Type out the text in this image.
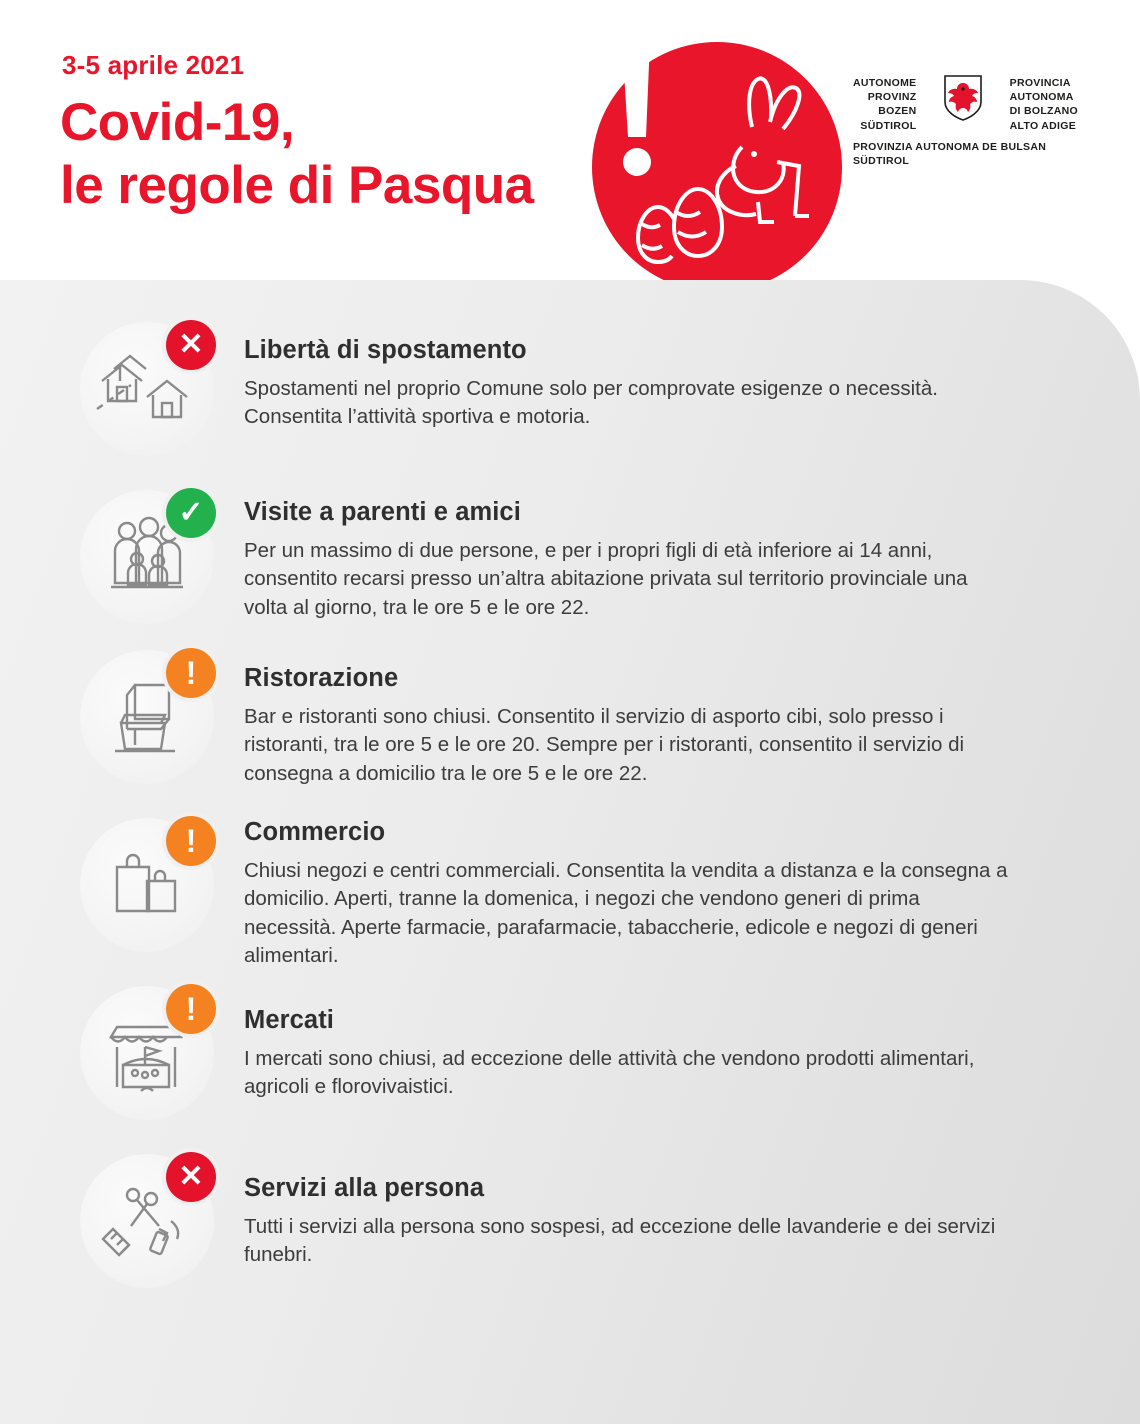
3-5 aprile 2021
Covid-19,
le regole di Pasqua
AUTONOME
PROVINZ
BOZEN
SÜDTIROL
PROVINCIA
AUTONOMA
DI BOLZANO
ALTO ADIGE
PROVINZIA AUTONOMA DE BULSAN
SÜDTIROL
✕ Libertà di spostamento
Spostamenti nel proprio Comune solo per comprovate esigenze o necessità. Consentita l’attività sportiva e motoria.
✓ Visite a parenti e amici
Per un massimo di due persone, e per i propri figli di età inferiore ai 14 anni, consentito recarsi presso un’altra abitazione privata sul territorio provinciale una volta al giorno, tra le ore 5 e le ore 22.
! Ristorazione
Bar e ristoranti sono chiusi. Consentito il servizio di asporto cibi, solo presso i ristoranti, tra le ore 5 e le ore 20. Sempre per i ristoranti, consentito il servizio di consegna a domicilio tra le ore 5 e le ore 22.
! Commercio
Chiusi negozi e centri commerciali. Consentita la vendita a distanza e la consegna a domicilio. Aperti, tranne la domenica, i negozi che vendono generi di prima necessità. Aperte farmacie, parafarmacie, tabaccherie, edicole e negozi di generi alimentari.
! Mercati
I mercati sono chiusi, ad eccezione delle attività che vendono prodotti alimentari, agricoli e florovivaistici.
✕ Servizi alla persona
Tutti i servizi alla persona sono sospesi, ad eccezione delle lavanderie e dei servizi funebri.
